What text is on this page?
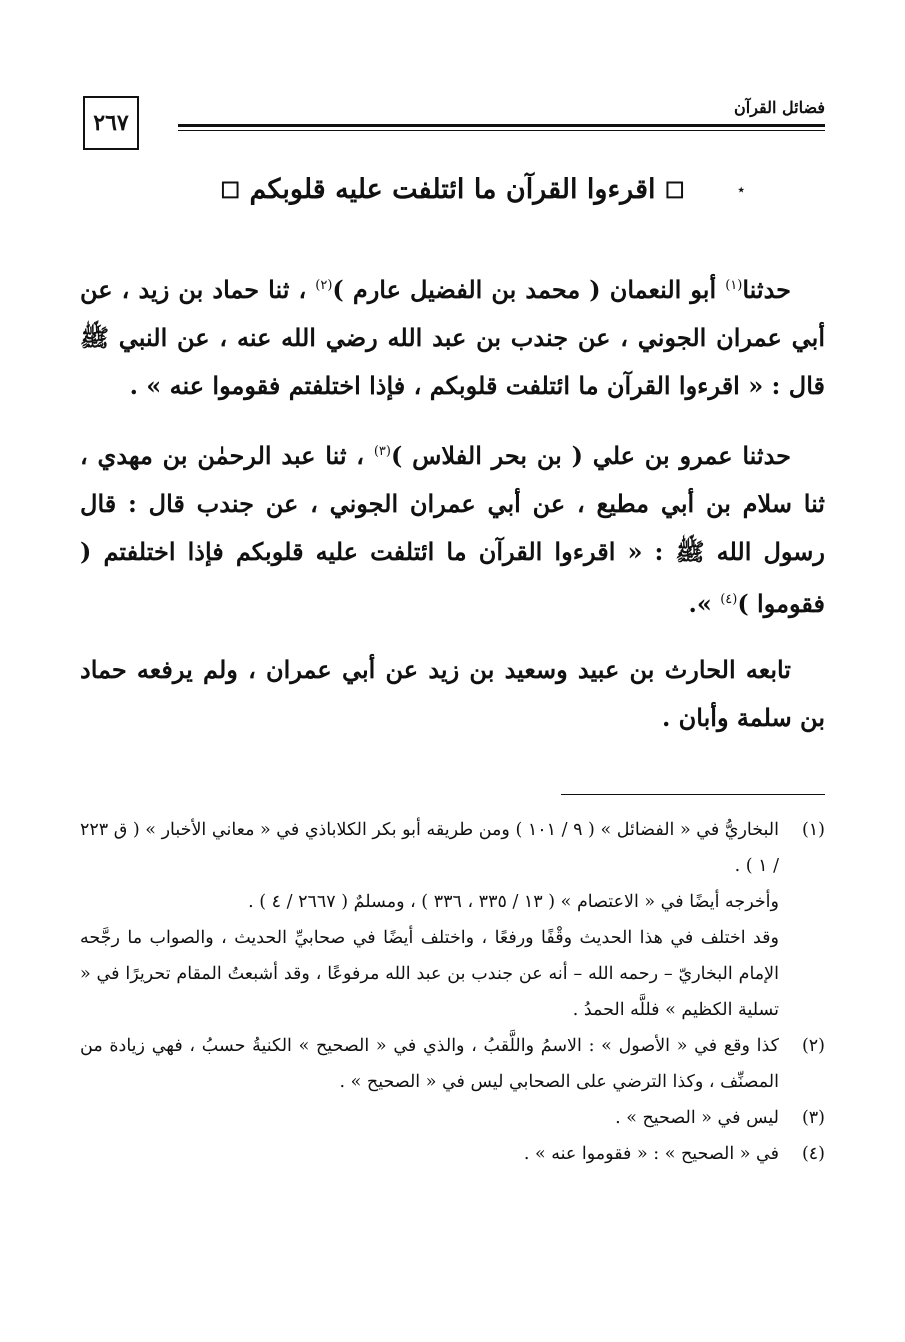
٢٦٧
فضائل القرآن
٭
☐ اقرءوا القرآن ما ائتلفت عليه قلوبكم ☐

حدثنا$^{(١)}$ أبو النعمان ( محمد بن الفضيل عارم )$^{(٢)}$ ، ثنا حماد بن زيد ، عن أبي عمران الجوني ، عن جندب بن عبد الله رضي الله عنه ، عن النبي ﷺ قال : « اقرءوا القرآن ما ائتلفت قلوبكم ، فإذا اختلفتم فقوموا عنه » .

حدثنا عمرو بن علي ( بن بحر الفلاس )$^{(٣)}$ ، ثنا عبد الرحمٰن بن مهدي ، ثنا سلام بن أبي مطيع ، عن أبي عمران الجوني ، عن جندب قال : قال رسول الله ﷺ : « اقرءوا القرآن ما ائتلفت عليه قلوبكم فإذا اختلفتم ( فقوموا )$^{(٤)}$ ».

تابعه الحارث بن عبيد وسعيد بن زيد عن أبي عمران ، ولم يرفعه حماد بن سلمة وأبان .

(١)
البخاريُّ في « الفضائل » ( ٩ / ١٠١ ) ومن طريقه أبو بكر الكلاباذي في « معاني الأخبار » ( ق ٢٢٣ / ١ ) .
وأخرجه أيضًا في « الاعتصام » ( ١٣ / ٣٣٥ ، ٣٣٦ ) ، ومسلمٌ ( ٢٦٦٧ / ٤ ) .
وقد اختلف في هذا الحديث وقْفًا ورفعًا ، واختلف أيضًا في صحابيِّ الحديث ، والصواب ما رجَّحه الإمام البخاريّ – رحمه الله – أنه عن جندب بن عبد الله مرفوعًا ، وقد أشبعتُ المقام تحريرًا في « تسلية الكظيم » فللَّه الحمدُ .
(٢)
كذا وقع في « الأصول » : الاسمُ واللَّقبُ ، والذي في « الصحيح » الكنيةُ حسبُ ، فهي زيادة من المصنِّف ، وكذا الترضي على الصحابي ليس في « الصحيح » .
(٣)
ليس في « الصحيح » .
(٤)
في « الصحيح » : « فقوموا عنه » .
